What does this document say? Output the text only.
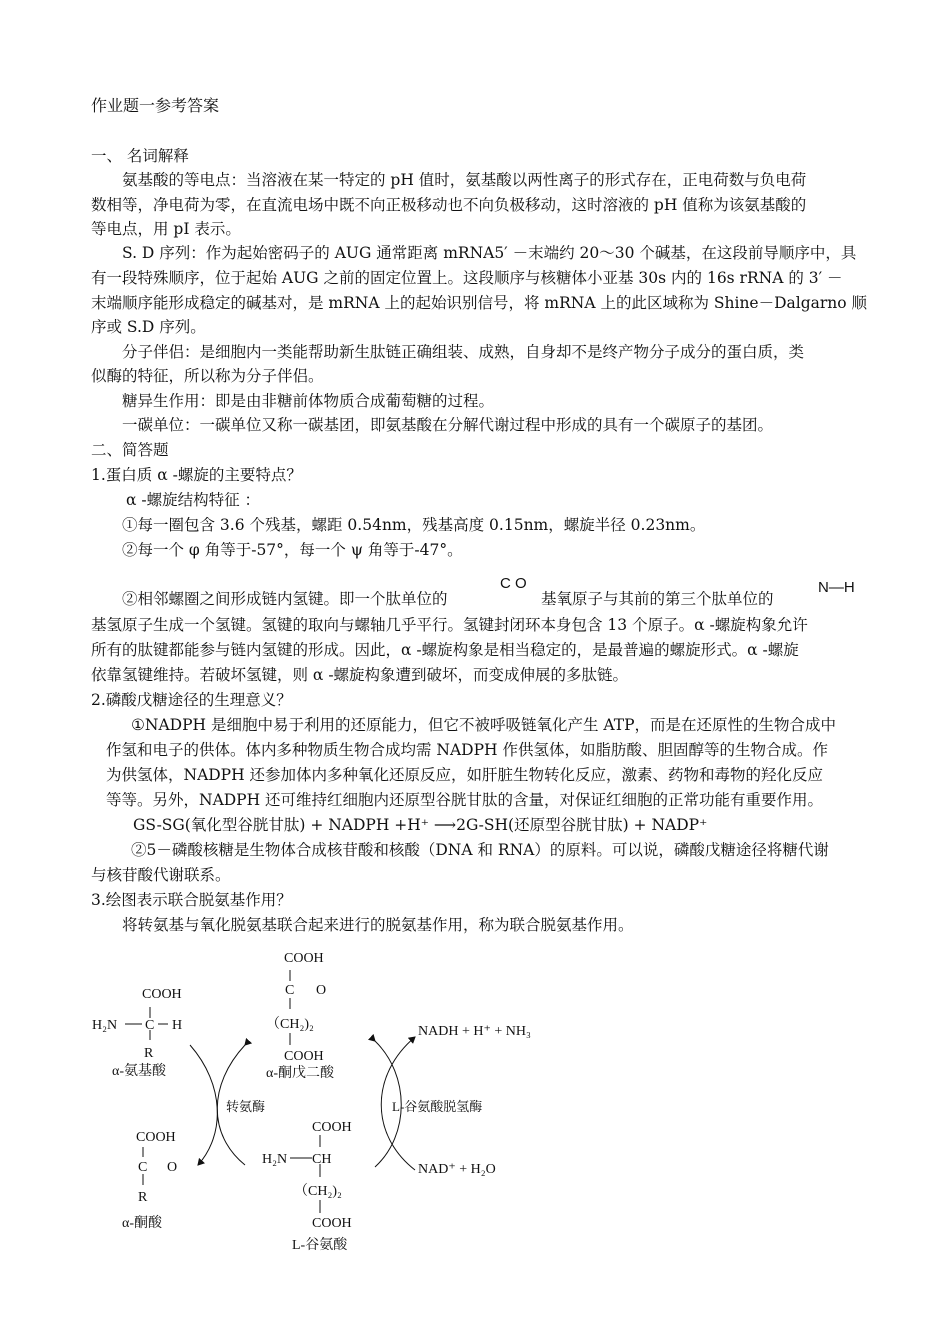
作业题一参考答案
一、 名词解释
氨基酸的等电点：当溶液在某一特定的 pH 值时，氨基酸以两性离子的形式存在，正电荷数与负电荷
数相等，净电荷为零，在直流电场中既不向正极移动也不向负极移动，这时溶液的 pH 值称为该氨基酸的
等电点，用 pI 表示。
S. D 序列：作为起始密码子的 AUG 通常距离 mRNA5′ －末端约 20～30 个碱基，在这段前导顺序中，具
有一段特殊顺序，位于起始 AUG 之前的固定位置上。这段顺序与核糖体小亚基 30s 内的 16s rRNA 的 3′ －
末端顺序能形成稳定的碱基对，是 mRNA 上的起始识别信号，将 mRNA 上的此区域称为 Shine－Dalgarno 顺
序或 S.D 序列。
分子伴侣：是细胞内一类能帮助新生肽链正确组装、成熟，自身却不是终产物分子成分的蛋白质，类
似酶的特征，所以称为分子伴侣。
糖异生作用：即是由非糖前体物质合成葡萄糖的过程。
一碳单位：一碳单位又称一碳基团，即氨基酸在分解代谢过程中形成的具有一个碳原子的基团。
二、简答题
1.蛋白质 α -螺旋的主要特点？
α -螺旋结构特征 ：
①每一圈包含 3.6 个残基，螺距 0.54nm，残基高度 0.15nm，螺旋半径 0.23nm。
②每一个 φ 角等于-57°，每一个 ψ 角等于-47°。
C O	N—H
②相邻螺圈之间形成链内氢键。即一个肽单位的	基氧原子与其前的第三个肽单位的
基氢原子生成一个氢键。氢键的取向与螺轴几乎平行。氢键封闭环本身包含 13 个原子。α -螺旋构象允许
所有的肽键都能参与链内氢键的形成。因此，α -螺旋构象是相当稳定的，是最普遍的螺旋形式。α -螺旋
依靠氢键维持。若破坏氢键，则 α -螺旋构象遭到破坏，而变成伸展的多肽链。
2.磷酸戊糖途径的生理意义？
①NADPH 是细胞中易于利用的还原能力，但它不被呼吸链氧化产生 ATP，而是在还原性的生物合成中
作氢和电子的供体。体内多种物质生物合成均需 NADPH 作供氢体，如脂肪酸、胆固醇等的生物合成。作
为供氢体，NADPH 还参加体内多种氧化还原反应，如肝脏生物转化反应，激素、药物和毒物的羟化反应
等等。另外，NADPH 还可维持红细胞内还原型谷胱甘肽的含量，对保证红细胞的正常功能有重要作用。
GS-SG(氧化型谷胱甘肽) + NADPH +H⁺ ⟶2G-SH(还原型谷胱甘肽) + NADP⁺
②5－磷酸核糖是生物体合成核苷酸和核酸（DNA 和 RNA）的原料。可以说，磷酸戊糖途径将糖代谢
与核苷酸代谢联系。
3.绘图表示联合脱氨基作用？
将转氨基与氧化脱氨基联合起来进行的脱氨基作用，称为联合脱氨基作用。
COOH
H₂N C H
R
α-氨基酸
COOH
C O
（CH₂)₂
COOH
α-酮戊二酸
COOH
C O
R
α-酮酸
COOH
H₂N CH
（CH₂)₂
COOH
L-谷氨酸
转氨酶	L-谷氨酸脱氢酶
NADH + H⁺ + NH₃
NAD⁺ + H₂O
